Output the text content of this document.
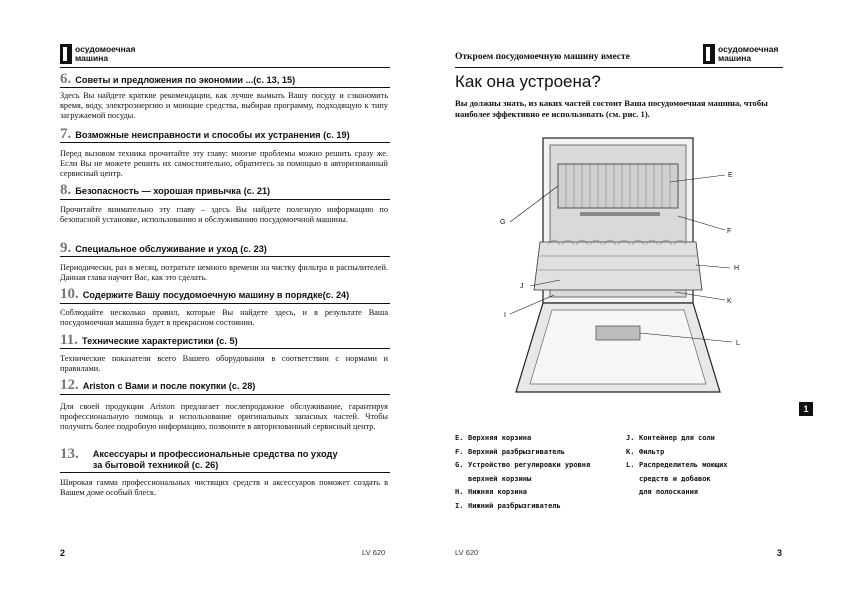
осудомоечная машина
6. Советы и предложения по экономии ...(с. 13, 15)
Здесь Вы найдете краткие рекомендации, как лучше вымыть Вашу посуду и сэкономить время, воду, электроэнергию и моющие средства, выбирая программу, подходящую к типу загружаемой посуды.
7. Возможные неисправности и способы их устранения (с. 19)
Перед вызовом техника прочитайте эту главу: многие проблемы можно решить сразу же. Если Вы не можете решить их самостоятельно, обратитесь за помощью в авторизованный сервисный центр.
8. Безопасность — хорошая привычка (с. 21)
Прочитайте внимательно эту главу – здесь Вы найдете полезную информацию по безопасной установке, использованию и обслуживанию посудомоечной машины.
9. Специальное обслуживание и уход (с. 23)
Периодически, раз в месяц, потратьте немного времени на чистку фильтра и распылителей. Данная глава научит Вас, как это сделать.
10. Содержите Вашу посудомоечную машину в порядке(с. 24)
Соблюдайте несколько правил, которые Вы найдете здесь, и в результате Ваша посудомоечная машина будет в прекрасном состоянии.
11. Технические характеристики (с. 5)
Технические показатели всего Вашего оборудования в соответствии с нормами и правилами.
12. Ariston с Вами и после покупки (с. 28)
Для своей продукции Ariston предлагает послепродажное обслуживание, гарантируя профессиональную помощь и использование оригинальных запасных частей. Чтобы получить более подробную информацию, позвоните в авторизованный сервисный центр.
13. Аксессуары и профессиональные средства по уходу
за бытовой техникой (с. 26)
Широкая гамма профессиональных чистящих средств и аксессуаров поможет создать в Вашем доме особый блеск.
2	LV 620
Откроем посудомоечную машину вместе
осудомоечная машина
Как она устроена?
Вы должны знать, из каких частей состоит Ваша посудомоечная машина, чтобы наиболее эффективно ее использовать (см. рис. 1).
E
F
G
H
I
J
K
L
1
E. Верхняя корзина
F. Верхний разбрызгиватель
G. Устройство регулировки уровня
верхней корзины
H. Нижняя корзина
I. Нижний разбрызгиватель
J. Контейнер для соли
K. Фильтр
L. Распределитель моющих
средств и добавок
для полоскания
LV 620	3
